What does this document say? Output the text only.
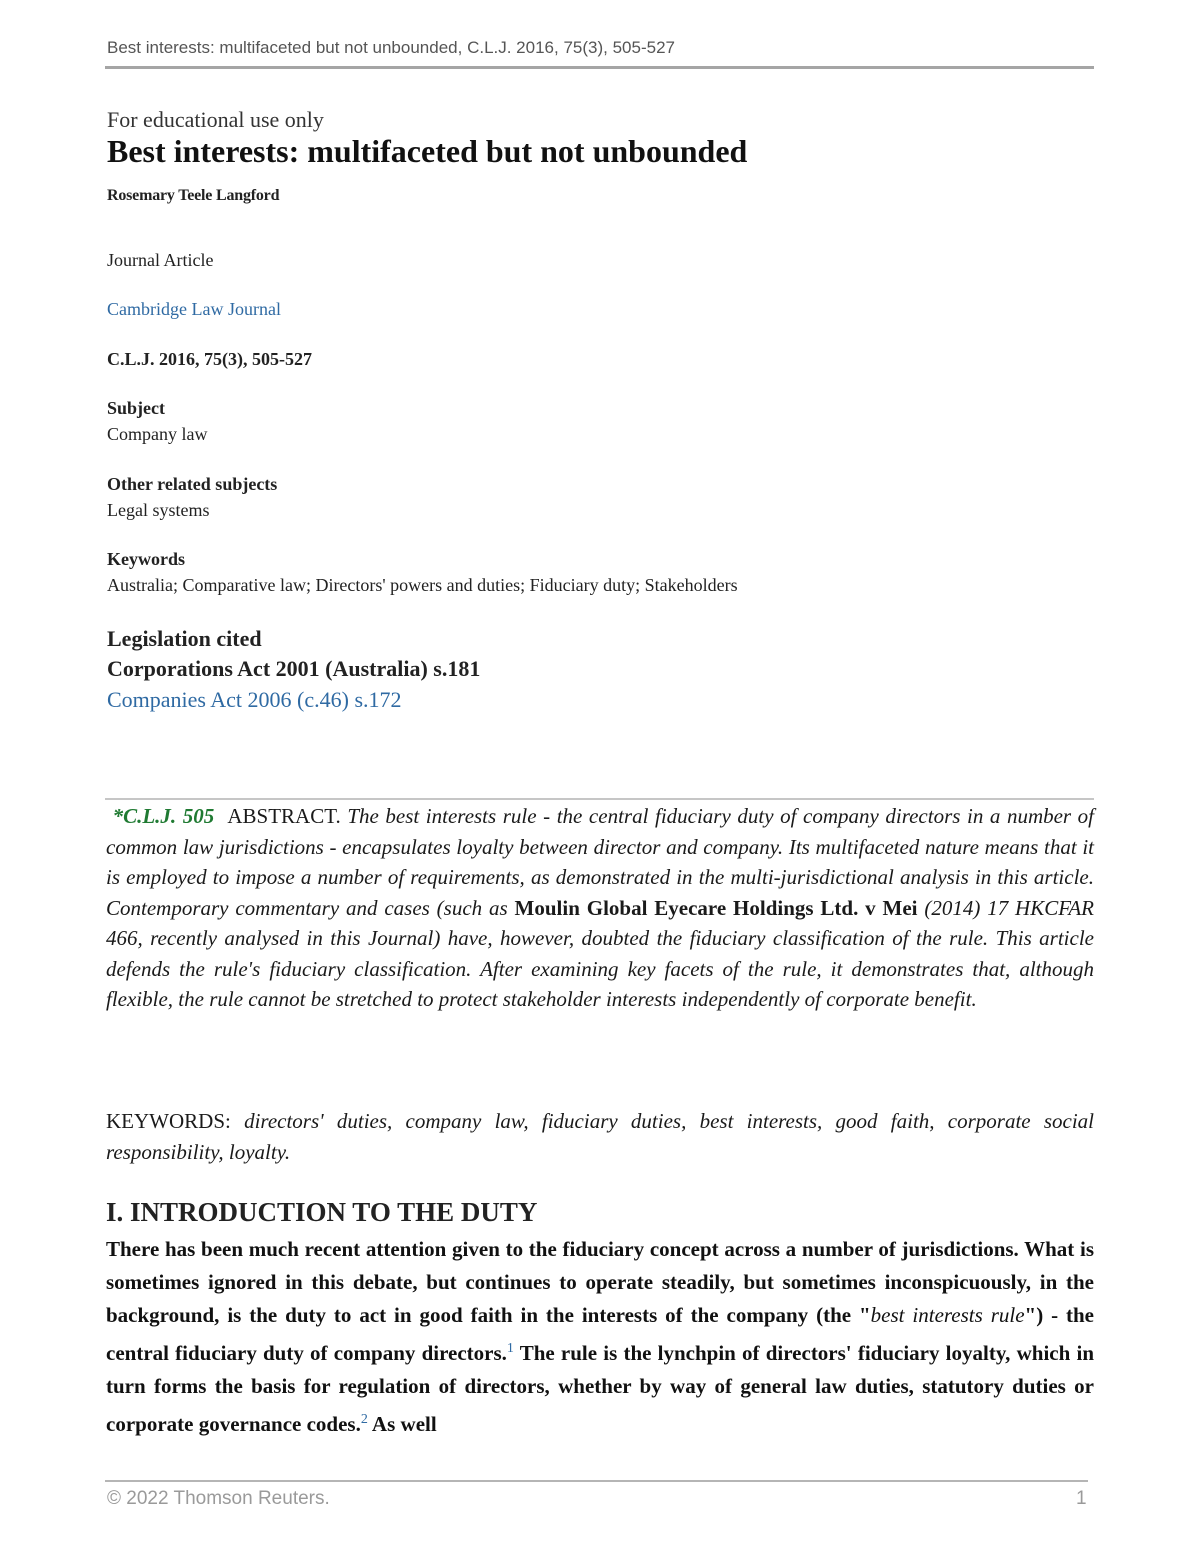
Best interests: multifaceted but not unbounded, C.L.J. 2016, 75(3), 505-527
For educational use only
Best interests: multifaceted but not unbounded
Rosemary Teele Langford
Journal Article
Cambridge Law Journal
C.L.J. 2016, 75(3), 505-527
Subject
Company law
Other related subjects
Legal systems
Keywords
Australia; Comparative law; Directors' powers and duties; Fiduciary duty; Stakeholders
Legislation cited
Corporations Act 2001 (Australia) s.181
Companies Act 2006 (c.46) s.172
*C.L.J. 505 ABSTRACT. The best interests rule - the central fiduciary duty of company directors in a number of common law jurisdictions - encapsulates loyalty between director and company. Its multifaceted nature means that it is employed to impose a number of requirements, as demonstrated in the multi-jurisdictional analysis in this article. Contemporary commentary and cases (such as Moulin Global Eyecare Holdings Ltd. v Mei (2014) 17 HKCFAR 466, recently analysed in this Journal) have, however, doubted the fiduciary classification of the rule. This article defends the rule's fiduciary classification. After examining key facets of the rule, it demonstrates that, although flexible, the rule cannot be stretched to protect stakeholder interests independently of corporate benefit.
KEYWORDS: directors' duties, company law, fiduciary duties, best interests, good faith, corporate social responsibility, loyalty.
I. INTRODUCTION TO THE DUTY
There has been much recent attention given to the fiduciary concept across a number of jurisdictions. What is sometimes ignored in this debate, but continues to operate steadily, but sometimes inconspicuously, in the background, is the duty to act in good faith in the interests of the company (the "best interests rule") - the central fiduciary duty of company directors.$^1$ The rule is the lynchpin of directors' fiduciary loyalty, which in turn forms the basis for regulation of directors, whether by way of general law duties, statutory duties or corporate governance codes.$^2$ As well
© 2022 Thomson Reuters.	1
